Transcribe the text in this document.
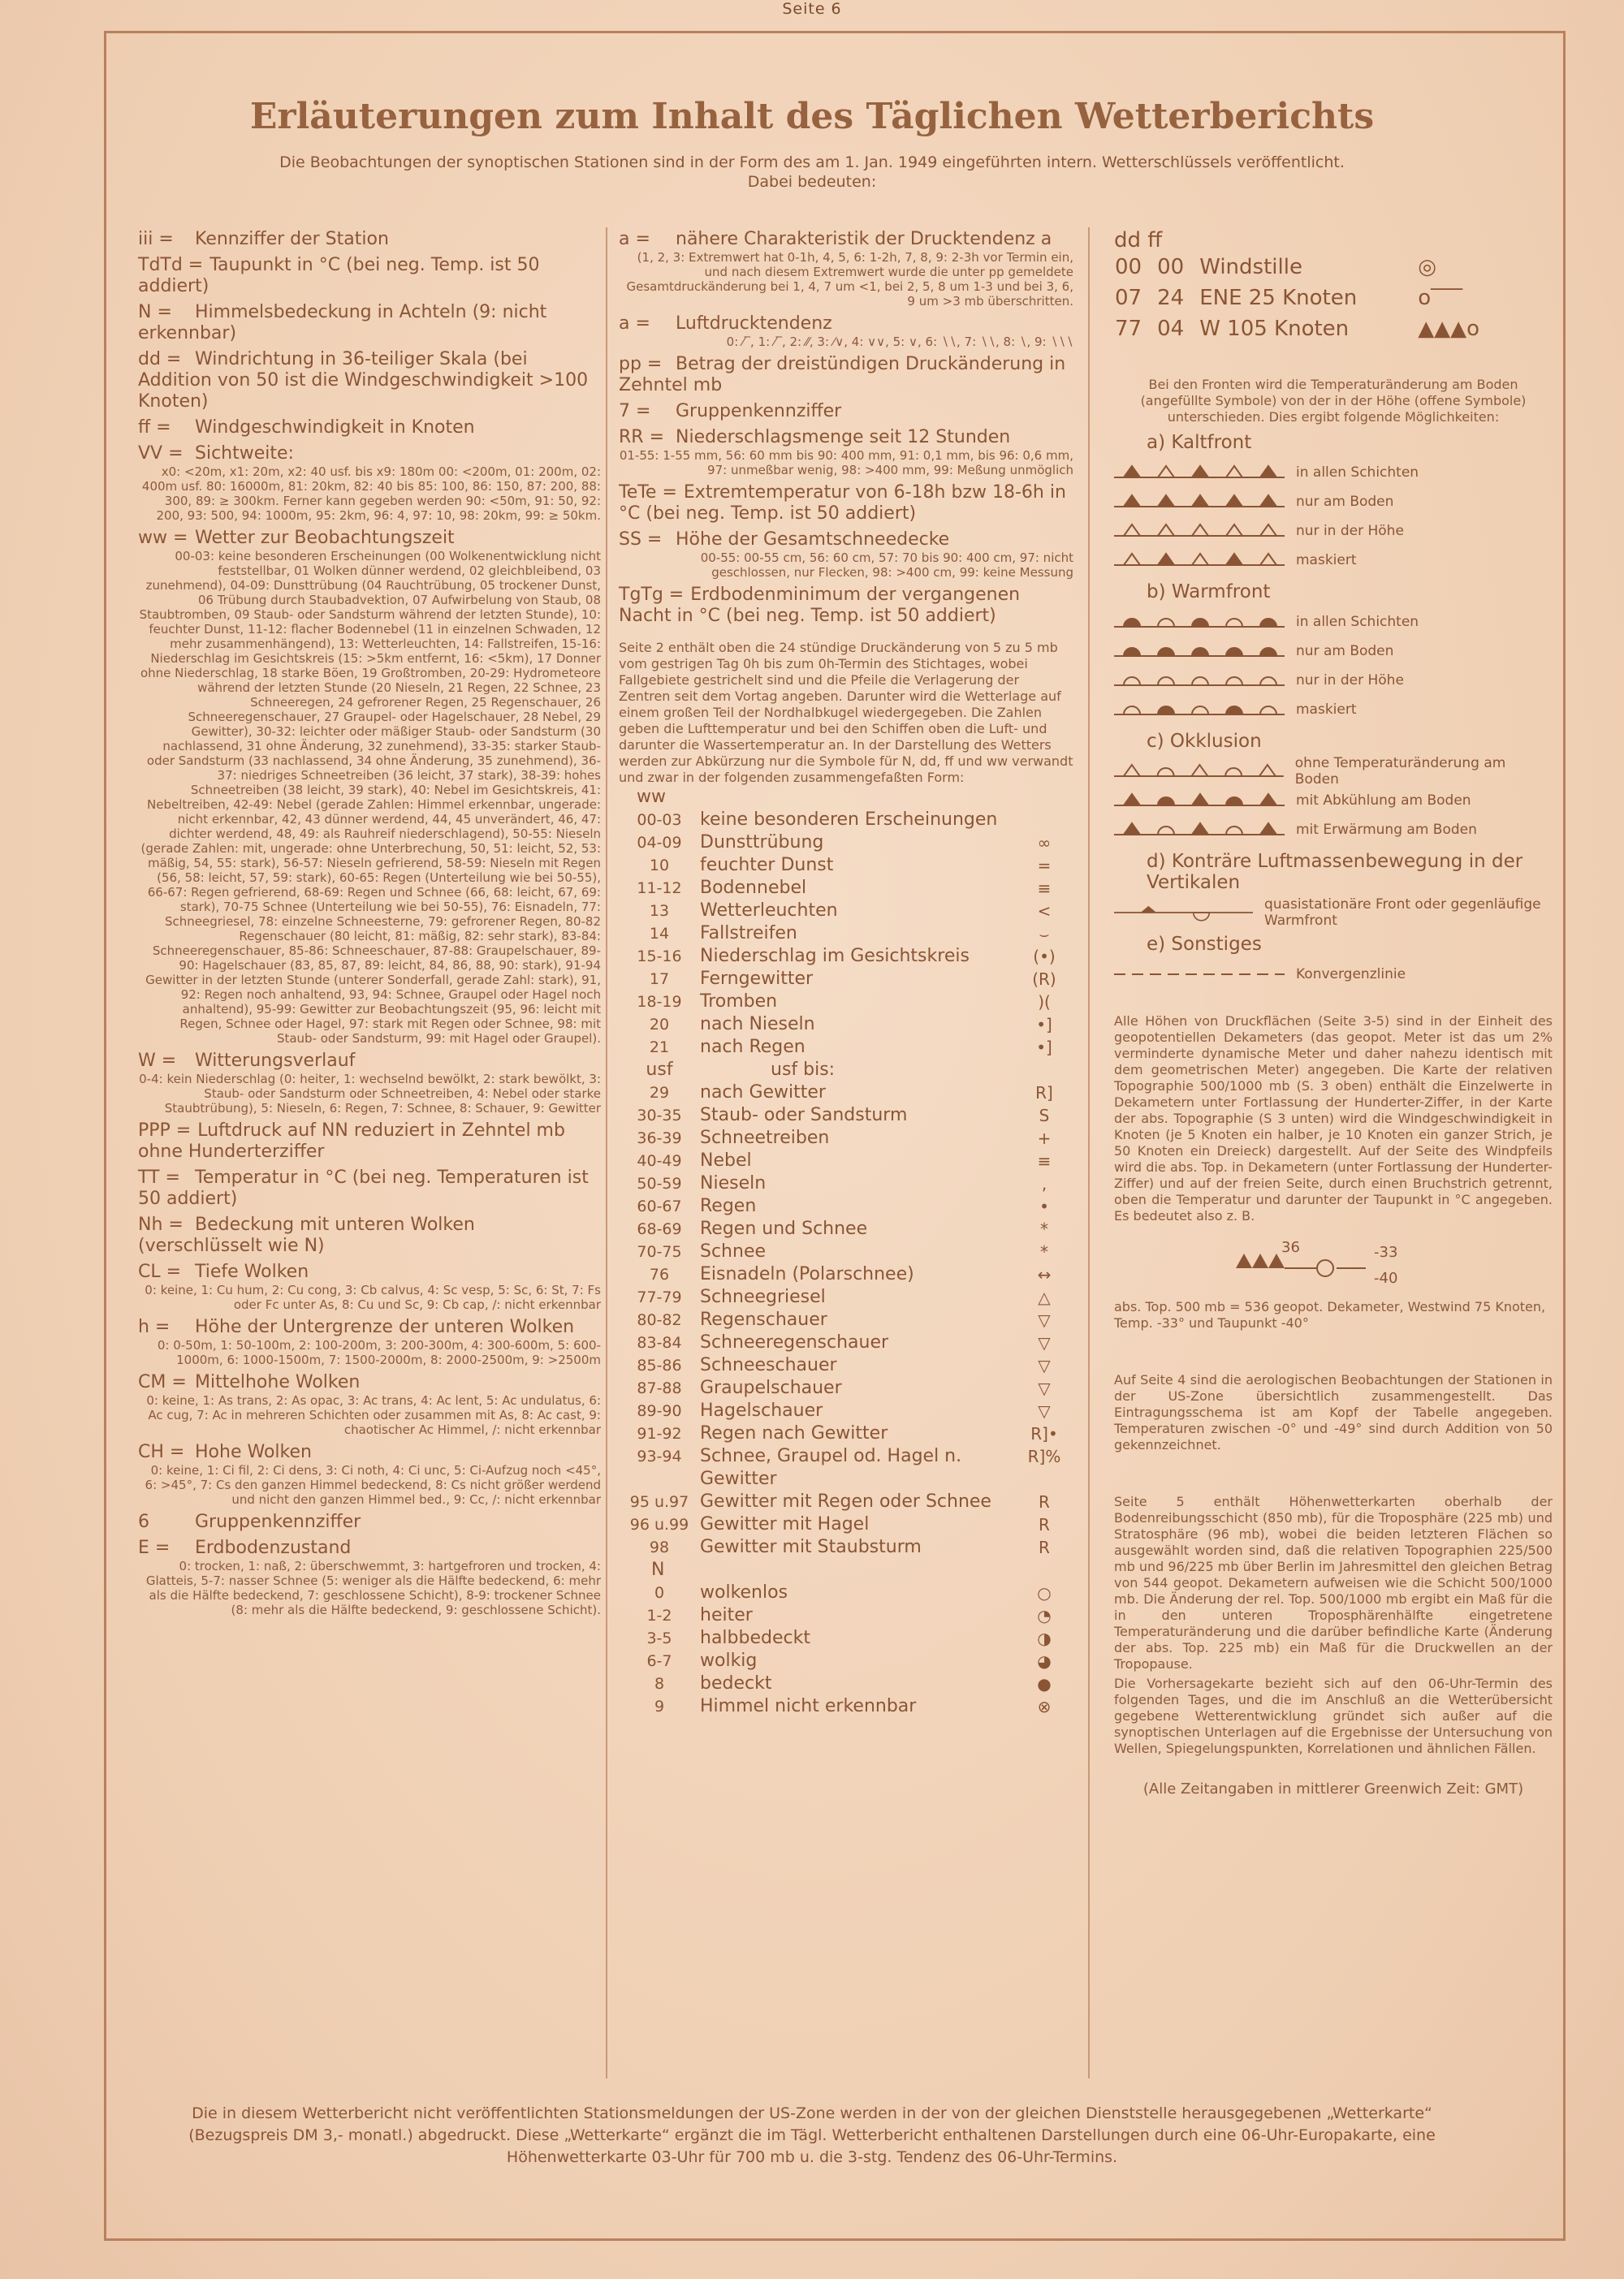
Seite 6
Erläuterungen zum Inhalt des Täglichen Wetterberichts
Die Beobachtungen der synoptischen Stationen sind in der Form des am 1. Jan. 1949 eingeführten intern. Wetterschlüssels veröffentlicht.
Dabei bedeuten:
iii = Kennziffer der Station
TdTd = Taupunkt in °C (bei neg. Temp. ist 50 addiert)
N = Himmelsbedeckung in Achteln (9: nicht erkennbar)
dd = Windrichtung in 36-teiliger Skala (bei Addition von 50 ist die Windgeschwindigkeit >100 Knoten)
ff = Windgeschwindigkeit in Knoten
VV = Sichtweite:
x0: <20m, x1: 20m, x2: 40 usf. bis x9: 180m 00: <200m, 01: 200m, 02: 400m usf. 80: 16000m, 81: 20km, 82: 40 bis 85: 100, 86: 150, 87: 200, 88: 300, 89: ≥ 300km. Ferner kann gegeben werden 90: <50m, 91: 50, 92: 200, 93: 500, 94: 1000m, 95: 2km, 96: 4, 97: 10, 98: 20km, 99: ≥ 50km.
ww = Wetter zur Beobachtungszeit
00-03: keine besonderen Erscheinungen (00 Wolkenentwicklung nicht feststellbar, 01 Wolken dünner werdend, 02 gleichbleibend, 03 zunehmend), 04-09: Dunsttrübung (04 Rauchtrübung, 05 trockener Dunst, 06 Trübung durch Staubadvektion, 07 Aufwirbelung von Staub, 08 Staubtromben, 09 Staub- oder Sandsturm während der letzten Stunde), 10: feuchter Dunst, 11-12: flacher Bodennebel (11 in einzelnen Schwaden, 12 mehr zusammenhängend), 13: Wetterleuchten, 14: Fallstreifen, 15-16: Niederschlag im Gesichtskreis (15: >5km entfernt, 16: <5km), 17 Donner ohne Niederschlag, 18 starke Böen, 19 Großtromben, 20-29: Hydrometeore während der letzten Stunde (20 Nieseln, 21 Regen, 22 Schnee, 23 Schneeregen, 24 gefrorener Regen, 25 Regenschauer, 26 Schneeregenschauer, 27 Graupel- oder Hagelschauer, 28 Nebel, 29 Gewitter), 30-32: leichter oder mäßiger Staub- oder Sandsturm (30 nachlassend, 31 ohne Änderung, 32 zunehmend), 33-35: starker Staub- oder Sandsturm (33 nachlassend, 34 ohne Änderung, 35 zunehmend), 36-37: niedriges Schneetreiben (36 leicht, 37 stark), 38-39: hohes Schneetreiben (38 leicht, 39 stark), 40: Nebel im Gesichtskreis, 41: Nebeltreiben, 42-49: Nebel (gerade Zahlen: Himmel erkennbar, ungerade: nicht erkennbar, 42, 43 dünner werdend, 44, 45 unverändert, 46, 47: dichter werdend, 48, 49: als Rauhreif niederschlagend), 50-55: Nieseln (gerade Zahlen: mit, ungerade: ohne Unterbrechung, 50, 51: leicht, 52, 53: mäßig, 54, 55: stark), 56-57: Nieseln gefrierend, 58-59: Nieseln mit Regen (56, 58: leicht, 57, 59: stark), 60-65: Regen (Unterteilung wie bei 50-55), 66-67: Regen gefrierend, 68-69: Regen und Schnee (66, 68: leicht, 67, 69: stark), 70-75 Schnee (Unterteilung wie bei 50-55), 76: Eisnadeln, 77: Schneegriesel, 78: einzelne Schneesterne, 79: gefrorener Regen, 80-82 Regenschauer (80 leicht, 81: mäßig, 82: sehr stark), 83-84: Schneeregenschauer, 85-86: Schneeschauer, 87-88: Graupelschauer, 89-90: Hagelschauer (83, 85, 87, 89: leicht, 84, 86, 88, 90: stark), 91-94 Gewitter in der letzten Stunde (unterer Sonderfall, gerade Zahl: stark), 91, 92: Regen noch anhaltend, 93, 94: Schnee, Graupel oder Hagel noch anhaltend), 95-99: Gewitter zur Beobachtungszeit (95, 96: leicht mit Regen, Schnee oder Hagel, 97: stark mit Regen oder Schnee, 98: mit Staub- oder Sandsturm, 99: mit Hagel oder Graupel).
W = Witterungsverlauf
0-4: kein Niederschlag (0: heiter, 1: wechselnd bewölkt, 2: stark bewölkt, 3: Staub- oder Sandsturm oder Schneetreiben, 4: Nebel oder starke Staubtrübung), 5: Nieseln, 6: Regen, 7: Schnee, 8: Schauer, 9: Gewitter
PPP = Luftdruck auf NN reduziert in Zehntel mb ohne Hunderterziffer
TT = Temperatur in °C (bei neg. Temperaturen ist 50 addiert)
Nh = Bedeckung mit unteren Wolken (verschlüsselt wie N)
CL = Tiefe Wolken
0: keine, 1: Cu hum, 2: Cu cong, 3: Cb calvus, 4: Sc vesp, 5: Sc, 6: St, 7: Fs oder Fc unter As, 8: Cu und Sc, 9: Cb cap, /: nicht erkennbar
h = Höhe der Untergrenze der unteren Wolken
0: 0-50m, 1: 50-100m, 2: 100-200m, 3: 200-300m, 4: 300-600m, 5: 600-1000m, 6: 1000-1500m, 7: 1500-2000m, 8: 2000-2500m, 9: >2500m
CM = Mittelhohe Wolken
0: keine, 1: As trans, 2: As opac, 3: Ac trans, 4: Ac lent, 5: Ac undulatus, 6: Ac cug, 7: Ac in mehreren Schichten oder zusammen mit As, 8: Ac cast, 9: chaotischer Ac Himmel, /: nicht erkennbar
CH = Hohe Wolken
0: keine, 1: Ci fil, 2: Ci dens, 3: Ci noth, 4: Ci unc, 5: Ci-Aufzug noch <45°, 6: >45°, 7: Cs den ganzen Himmel bedeckend, 8: Cs nicht größer werdend und nicht den ganzen Himmel bed., 9: Cc, /: nicht erkennbar
6	Gruppenkennziffer
E = Erdbodenzustand
0: trocken, 1: naß, 2: überschwemmt, 3: hartgefroren und trocken, 4: Glatteis, 5-7: nasser Schnee (5: weniger als die Hälfte bedeckend, 6: mehr als die Hälfte bedeckend, 7: geschlossene Schicht), 8-9: trockener Schnee (8: mehr als die Hälfte bedeckend, 9: geschlossene Schicht).
a = nähere Charakteristik der Drucktendenz a
(1, 2, 3: Extremwert hat 0-1h, 4, 5, 6: 1-2h, 7, 8, 9: 2-3h vor Termin ein, und nach diesem Extremwert wurde die unter pp gemeldete Gesamtdruckänderung bei 1, 4, 7 um <1, bei 2, 5, 8 um 1-3 und bei 3, 6, 9 um >3 mb überschritten.
a = Luftdrucktendenz
0: ⁄‾, 1: ⁄‾, 2: ⁄⁄, 3: ⁄∨, 4: ∨∨, 5: ∨, 6: ∖∖, 7: ∖∖, 8: ∖, 9: ∖∖∖
pp = Betrag der dreistündigen Druckänderung in Zehntel mb
7 = Gruppenkennziffer
RR = Niederschlagsmenge seit 12 Stunden
01-55: 1-55 mm, 56: 60 mm bis 90: 400 mm, 91: 0,1 mm, bis 96: 0,6 mm, 97: unmeßbar wenig, 98: >400 mm, 99: Meßung unmöglich
TeTe = Extremtemperatur von 6-18h bzw 18-6h in °C (bei neg. Temp. ist 50 addiert)
SS = Höhe der Gesamtschneedecke
00-55: 00-55 cm, 56: 60 cm, 57: 70 bis 90: 400 cm, 97: nicht geschlossen, nur Flecken, 98: >400 cm, 99: keine Messung
TgTg = Erdbodenminimum der vergangenen Nacht in °C (bei neg. Temp. ist 50 addiert)
Seite 2 enthält oben die 24 stündige Druckänderung von 5 zu 5 mb vom gestrigen Tag 0h bis zum 0h-Termin des Stichtages, wobei Fallgebiete gestrichelt sind und die Pfeile die Verlagerung der Zentren seit dem Vortag angeben. Darunter wird die Wetterlage auf einem großen Teil der Nordhalbkugel wiedergegeben. Die Zahlen geben die Lufttemperatur und bei den Schiffen oben die Luft- und darunter die Wassertemperatur an. In der Darstellung des Wetters werden zur Abkürzung nur die Symbole für N, dd, ff und ww verwandt und zwar in der folgenden zusammengefaßten Form:
ww
00-03	keine besonderen Erscheinungen	
04-09	Dunsttrübung	∞
10	feuchter Dunst	=
11-12	Bodennebel	≡
13	Wetterleuchten	<
14	Fallstreifen	⌣
15-16	Niederschlag im Gesichtskreis	(•)
17	Ferngewitter	(R)
18-19	Tromben	)(
20	nach Nieseln	•]
21	nach Regen	•]
usf	usf bis:
29	nach Gewitter	R]
30-35	Staub- oder Sandsturm	S
36-39	Schneetreiben	+
40-49	Nebel	≡
50-59	Nieseln	,
60-67	Regen	•
68-69	Regen und Schnee	*
70-75	Schnee	*
76	Eisnadeln (Polarschnee)	↔
77-79	Schneegriesel	△
80-82	Regenschauer	▽
83-84	Schneeregenschauer	▽
85-86	Schneeschauer	▽
87-88	Graupelschauer	▽
89-90	Hagelschauer	▽
91-92	Regen nach Gewitter	R]•
93-94	Schnee, Graupel od. Hagel n. Gewitter	R]%
95 u.97	Gewitter mit Regen oder Schnee	R
96 u.99	Gewitter mit Hagel	R
98	Gewitter mit Staubsturm	R
N
0	wolkenlos	○
1-2	heiter	◔
3-5	halbbedeckt	◑
6-7	wolkig	◕
8	bedeckt	●
9	Himmel nicht erkennbar	⊗
dd ff
00	00	Windstille	◎
07	24	ENE 25 Knoten	o‾‾‾
77	04	W 105 Knoten	▲▲▲o
Bei den Fronten wird die Temperaturänderung am Boden (angefüllte Symbole) von der in der Höhe (offene Symbole) unterschieden. Dies ergibt folgende Möglichkeiten:
a) Kaltfront
in allen Schichten
nur am Boden
nur in der Höhe
maskiert
b) Warmfront
in allen Schichten
nur am Boden
nur in der Höhe
maskiert
c) Okklusion
ohne Temperaturänderung am Boden
mit Abkühlung am Boden
mit Erwärmung am Boden
d) Konträre Luftmassenbewegung in der Vertikalen
quasistationäre Front oder gegenläufige Warmfront
e) Sonstiges
Konvergenzlinie
Alle Höhen von Druckflächen (Seite 3-5) sind in der Einheit des geopotentiellen Dekameters (das geopot. Meter ist das um 2% verminderte dynamische Meter und daher nahezu identisch mit dem geometrischen Meter) angegeben. Die Karte der relativen Topographie 500/1000 mb (S. 3 oben) enthält die Einzelwerte in Dekametern unter Fortlassung der Hunderter-Ziffer, in der Karte der abs. Topographie (S 3 unten) wird die Windgeschwindigkeit in Knoten (je 5 Knoten ein halber, je 10 Knoten ein ganzer Strich, je 50 Knoten ein Dreieck) dargestellt. Auf der Seite des Windpfeils wird die abs. Top. in Dekametern (unter Fortlassung der Hunderter-Ziffer) und auf der freien Seite, durch einen Bruchstrich getrennt, oben die Temperatur und darunter der Taupunkt in °C angegeben. Es bedeutet also z. B.
36	-33
-40
abs. Top. 500 mb = 536 geopot. Dekameter, Westwind 75 Knoten, Temp. -33° und Taupunkt -40°
Auf Seite 4 sind die aerologischen Beobachtungen der Stationen in der US-Zone übersichtlich zusammengestellt. Das Eintragungsschema ist am Kopf der Tabelle angegeben. Temperaturen zwischen -0° und -49° sind durch Addition von 50 gekennzeichnet.
Seite 5 enthält Höhenwetterkarten oberhalb der Bodenreibungsschicht (850 mb), für die Troposphäre (225 mb) und Stratosphäre (96 mb), wobei die beiden letzteren Flächen so ausgewählt worden sind, daß die relativen Topographien 225/500 mb und 96/225 mb über Berlin im Jahresmittel den gleichen Betrag von 544 geopot. Dekametern aufweisen wie die Schicht 500/1000 mb. Die Änderung der rel. Top. 500/1000 mb ergibt ein Maß für die in den unteren Troposphärenhälfte eingetretene Temperaturänderung und die darüber befindliche Karte (Änderung der abs. Top. 225 mb) ein Maß für die Druckwellen an der Tropopause.
Die Vorhersagekarte bezieht sich auf den 06-Uhr-Termin des folgenden Tages, und die im Anschluß an die Wetterübersicht gegebene Wetterentwicklung gründet sich außer auf die synoptischen Unterlagen auf die Ergebnisse der Untersuchung von Wellen, Spiegelungspunkten, Korrelationen und ähnlichen Fällen.
(Alle Zeitangaben in mittlerer Greenwich Zeit: GMT)
Die in diesem Wetterbericht nicht veröffentlichten Stationsmeldungen der US-Zone werden in der von der gleichen Dienststelle herausgegebenen „Wetterkarte“ (Bezugspreis DM 3,- monatl.) abgedruckt. Diese „Wetterkarte“ ergänzt die im Tägl. Wetterbericht enthaltenen Darstellungen durch eine 06-Uhr-Europakarte, eine Höhenwetterkarte 03-Uhr für 700 mb u. die 3-stg. Tendenz des 06-Uhr-Termins.
